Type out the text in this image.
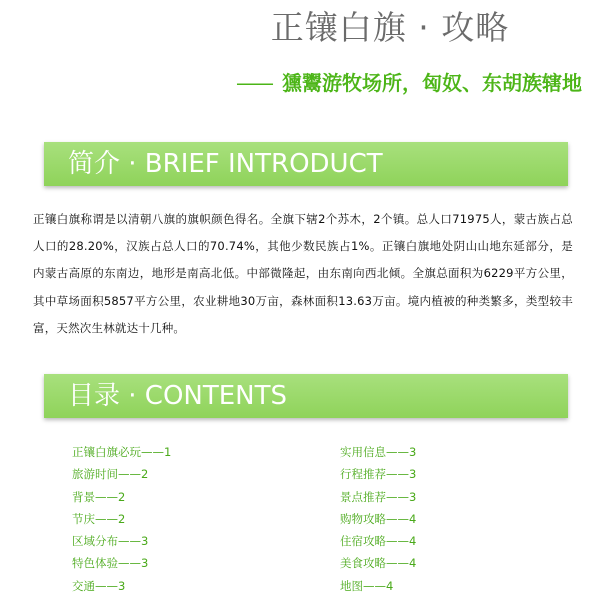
正镶白旗 · 攻略
—— 獯鬻游牧场所，匈奴、东胡族辖地
简介 · BRIEF INTRODUCT
正镶白旗称谓是以清朝八旗的旗帜颜色得名。全旗下辖2个苏木，2个镇。总人口71975人，蒙古族占总人口的28.20%，汉族占总人口的70.74%，其他少数民族占1%。正镶白旗地处阴山山地东延部分，是内蒙古高原的东南边，地形是南高北低。中部微隆起，由东南向西北倾。全旗总面积为6229平方公里，其中草场面积5857平方公里，农业耕地30万亩，森林面积13.63万亩。境内植被的种类繁多，类型较丰富，天然次生林就达十几种。
目录 · CONTENTS
正镶白旗必玩——1
旅游时间——2
背景——2
节庆——2
区域分布——3
特色体验——3
交通——3
实用信息——3
行程推荐——3
景点推荐——3
购物攻略——4
住宿攻略——4
美食攻略——4
地图——4
